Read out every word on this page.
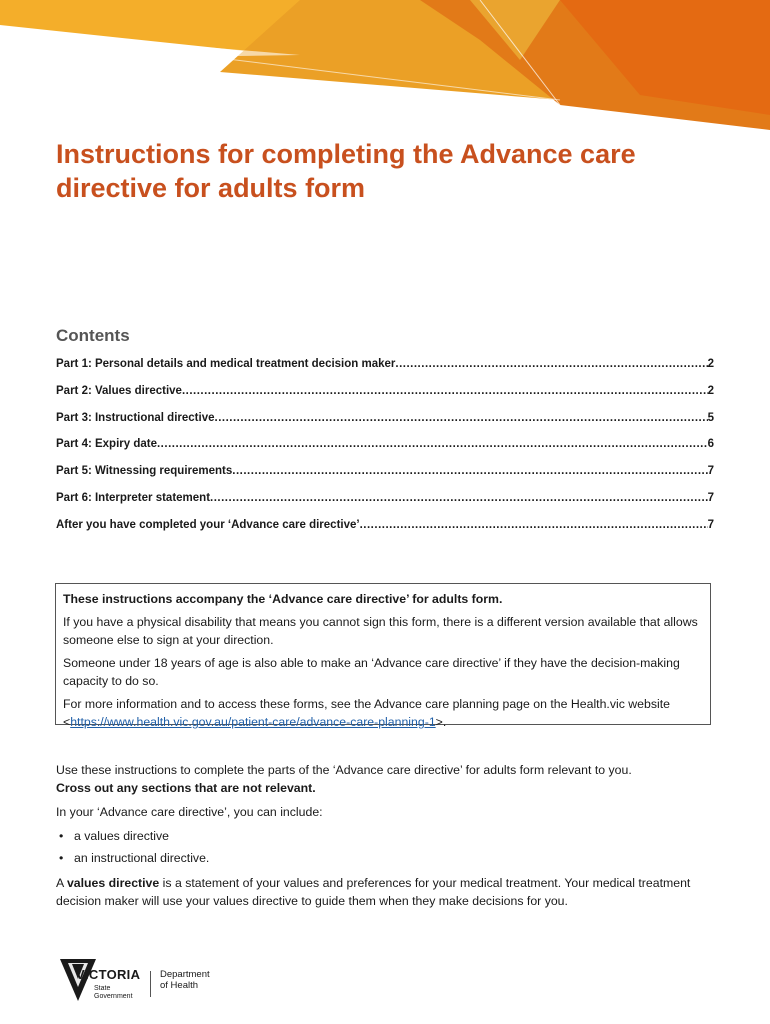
Instructions for completing the Advance care directive for adults form
Contents
Part 1: Personal details and medical treatment decision maker .....	2
Part 2: Values directive .....	2
Part 3: Instructional directive .....	5
Part 4: Expiry date .....	6
Part 5: Witnessing requirements .....	7
Part 6: Interpreter statement .....	7
After you have completed your ‘Advance care directive’ .....	7

These instructions accompany the ‘Advance care directive’ for adults form.

If you have a physical disability that means you cannot sign this form, there is a different version available that allows someone else to sign at your direction.

Someone under 18 years of age is also able to make an ‘Advance care directive’ if they have the decision-making capacity to do so.

For more information and to access these forms, see the Advance care planning page on the Health.vic website <https://www.health.vic.gov.au/patient-care/advance-care-planning-1>.

Use these instructions to complete the parts of the ‘Advance care directive’ for adults form relevant to you.
Cross out any sections that are not relevant.

In your ‘Advance care directive’, you can include:

• a values directive
• an instructional directive.

A values directive is a statement of your values and preferences for your medical treatment. Your medical treatment decision maker will use your values directive to guide them when they make decisions for you.

VICTORIA
State
Government
Department
of Health
